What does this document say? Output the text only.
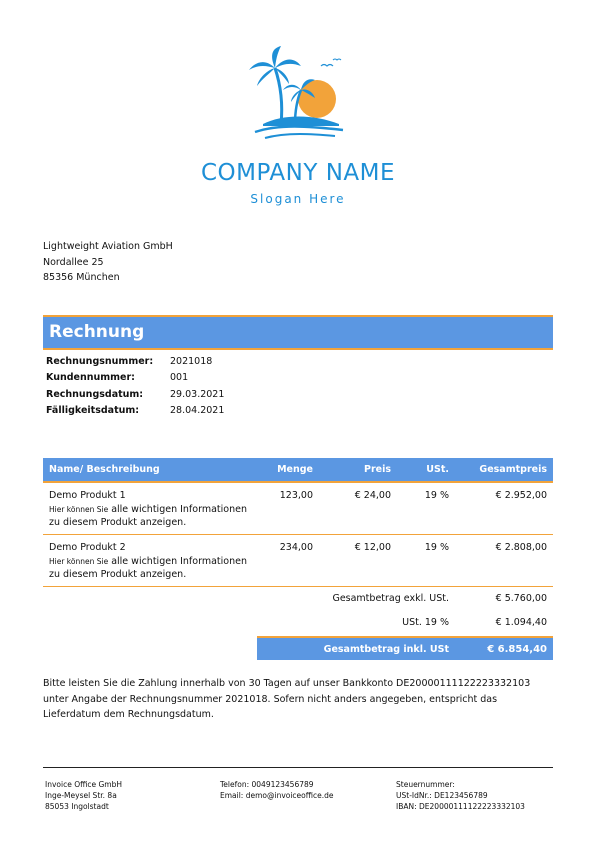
COMPANY NAME
Slogan Here
Lightweight Aviation GmbH
Nordallee 25
85356 München
Rechnung
Rechnungsnummer:	2021018
Kundennummer:	001
Rechnungsdatum:	29.03.2021
Fälligkeitsdatum:	28.04.2021
Name/ Beschreibung	Menge	Preis	USt.	Gesamtpreis
Demo Produkt 1
Hier können Sie alle wichtigen Informationen
zu diesem Produkt anzeigen.
123,00	€ 24,00	19 %	€ 2.952,00
Demo Produkt 2
Hier können Sie alle wichtigen Informationen
zu diesem Produkt anzeigen.
234,00	€ 12,00	19 %	€ 2.808,00
Gesamtbetrag exkl. USt.	€ 5.760,00
USt. 19 %	€ 1.094,40
Gesamtbetrag inkl. USt	€ 6.854,40
Bitte leisten Sie die Zahlung innerhalb von 30 Tagen auf unser Bankkonto DE20000111122223332103
unter Angabe der Rechnungsnummer 2021018. Sofern nicht anders angegeben, entspricht das
Lieferdatum dem Rechnungsdatum.
Invoice Office GmbH
Inge-Meysel Str. 8a
85053 Ingolstadt
Telefon: 0049123456789
Email: demo@invoiceoffice.de
Steuernummer:
USt-IdNr.: DE123456789
IBAN: DE20000111122223332103
